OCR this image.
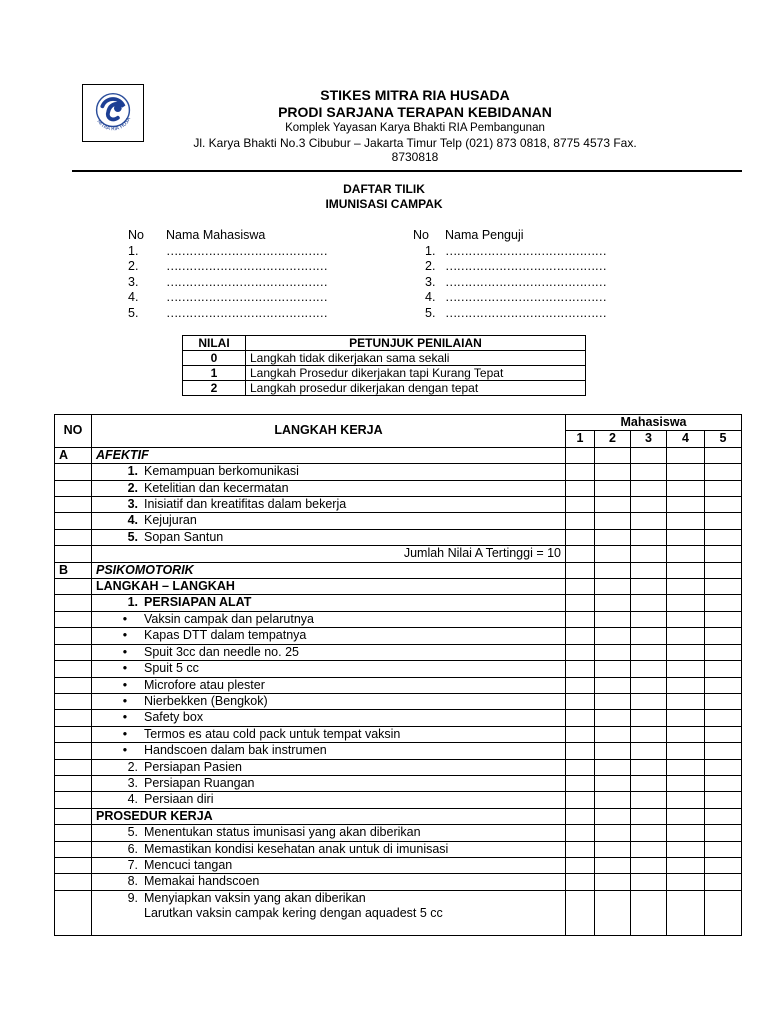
MITRA RIA HUSA
STIKES MITRA RIA HUSADA
PRODI SARJANA TERAPAN KEBIDANAN
Komplek Yayasan Karya Bhakti RIA Pembangunan
Jl. Karya Bhakti No.3 Cibubur – Jakarta Timur Telp (021) 873 0818, 8775 4573 Fax.
8730818
DAFTAR TILIK
IMUNISASI CAMPAK
No Nama Mahasiswa
1. ……………………………………
2. ……………………………………
3. ……………………………………
4. ……………………………………
5. ……………………………………
No Nama Penguji
1. ……………………………………
2. ……………………………………
3. ……………………………………
4. ……………………………………
5. ……………………………………
NILAI	PETUNJUK PENILAIAN
0	Langkah tidak dikerjakan sama sekali
1	Langkah Prosedur dikerjakan tapi Kurang Tepat
2	Langkah prosedur dikerjakan dengan tepat
NO	LANGKAH KERJA	Mahasiswa				
		1	2	3	4	5
A	AFEKTIF					
	1. Kemampuan berkomunikasi					
	2. Ketelitian dan kecermatan					
	3. Inisiatif dan kreatifitas dalam bekerja					
	4. Kejujuran					
	5. Sopan Santun					
	Jumlah Nilai A Tertinggi = 10					
B	PSIKOMOTORIK					
	LANGKAH – LANGKAH					
	1. PERSIAPAN ALAT					
	• Vaksin campak dan pelarutnya					
	• Kapas DTT dalam tempatnya					
	• Spuit 3cc dan needle no. 25					
	• Spuit 5 cc					
	• Microfore atau plester					
	• Nierbekken (Bengkok)					
	• Safety box					
	• Termos es atau cold pack untuk tempat vaksin					
	• Handscoen dalam bak instrumen					
	2. Persiapan Pasien					
	3. Persiapan Ruangan					
	4. Persiaan diri					
	PROSEDUR KERJA					
	5. Menentukan status imunisasi yang akan diberikan					
	6. Memastikan kondisi kesehatan anak untuk di imunisasi					
	7. Mencuci tangan					
	8. Memakai handscoen					
	9. Menyiapkan vaksin yang akan diberikan
Larutkan vaksin campak kering dengan aquadest 5 cc					
